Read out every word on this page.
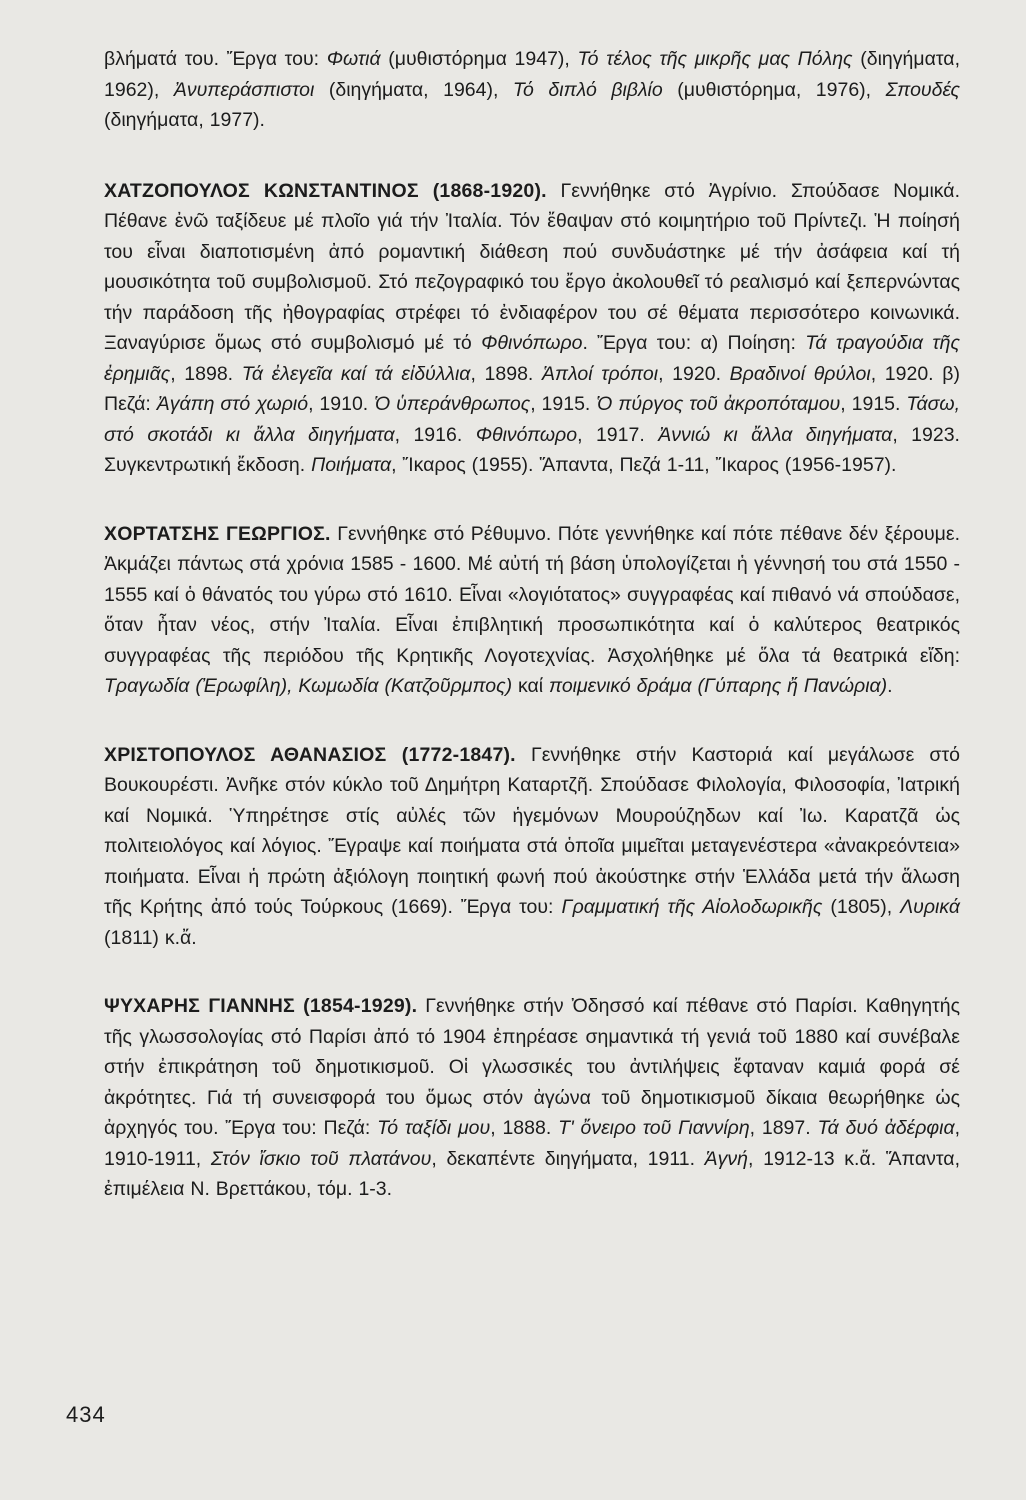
βλήματά του. Ἔργα του: Φωτιά (μυθιστόρημα 1947), Τό τέλος τῆς μικρῆς μας Πόλης (διηγήματα, 1962), Ἀνυπεράσπιστοι (διηγήματα, 1964), Τό διπλό βιβλίο (μυθιστόρημα, 1976), Σπουδές (διηγήματα, 1977).

ΧΑΤΖΟΠΟΥΛΟΣ ΚΩΝΣΤΑΝΤΙΝΟΣ (1868-1920). Γεννήθηκε στό Ἀγρίνιο. Σπούδασε Νομικά. Πέθανε ἐνῶ ταξίδευε μέ πλοῖο γιά τήν Ἰταλία. Τόν ἔθαψαν στό κοιμητήριο τοῦ Πρίντεζι. Ἡ ποίησή του εἶναι διαποτισμένη ἀπό ρομαντική διάθεση πού συνδυάστηκε μέ τήν ἀσάφεια καί τή μουσικότητα τοῦ συμβολισμοῦ. Στό πεζογραφικό του ἔργο ἀκολουθεῖ τό ρεαλισμό καί ξεπερνώντας τήν παράδοση τῆς ἠθογραφίας στρέφει τό ἐνδιαφέρον του σέ θέματα περισσότερο κοινωνικά. Ξαναγύρισε ὅμως στό συμβολισμό μέ τό Φθινόπωρο. Ἔργα του: α) Ποίηση: Τά τραγούδια τῆς ἐρημιᾶς, 1898. Τά ἐλεγεῖα καί τά εἰδύλλια, 1898. Ἁπλοί τρόποι, 1920. Βραδινοί θρύλοι, 1920. β) Πεζά: Ἀγάπη στό χωριό, 1910. Ὁ ὑπεράνθρωπος, 1915. Ὁ πύργος τοῦ ἀκροπόταμου, 1915. Τάσω, στό σκοτάδι κι ἄλλα διηγήματα, 1916. Φθινόπωρο, 1917. Ἀννιώ κι ἄλλα διηγήματα, 1923. Συγκεντρωτική ἔκδοση. Ποιήματα, Ἴκαρος (1955). Ἅπαντα, Πεζά 1-11, Ἴκαρος (1956-1957).

ΧΟΡΤΑΤΣΗΣ ΓΕΩΡΓΙΟΣ. Γεννήθηκε στό Ρέθυμνο. Πότε γεννήθηκε καί πότε πέθανε δέν ξέρουμε. Ἀκμάζει πάντως στά χρόνια 1585 - 1600. Μέ αὐτή τή βάση ὑπολογίζεται ἡ γέννησή του στά 1550 - 1555 καί ὁ θάνατός του γύρω στό 1610. Εἶναι «λογιότατος» συγγραφέας καί πιθανό νά σπούδασε, ὅταν ἦταν νέος, στήν Ἰταλία. Εἶναι ἐπιβλητική προσωπικότητα καί ὁ καλύτερος θεατρικός συγγραφέας τῆς περιόδου τῆς Κρητικῆς Λογοτεχνίας. Ἀσχολήθηκε μέ ὅλα τά θεατρικά εἴδη: Τραγωδία (Ἐρωφίλη), Κωμωδία (Κατζοῦρμπος) καί ποιμενικό δράμα (Γύπαρης ἤ Πανώρια).

ΧΡΙΣΤΟΠΟΥΛΟΣ ΑΘΑΝΑΣΙΟΣ (1772-1847). Γεννήθηκε στήν Καστοριά καί μεγάλωσε στό Βουκουρέστι. Ἀνῆκε στόν κύκλο τοῦ Δημήτρη Καταρτζῆ. Σπούδασε Φιλολογία, Φιλοσοφία, Ἰατρική καί Νομικά. Ὑπηρέτησε στίς αὐλές τῶν ἡγεμόνων Μουρούζηδων καί Ἰω. Καρατζᾶ ὡς πολιτειολόγος καί λόγιος. Ἔγραψε καί ποιήματα στά ὁποῖα μιμεῖται μεταγενέστερα «ἀνακρεόντεια» ποιήματα. Εἶναι ἡ πρώτη ἀξιόλογη ποιητική φωνή πού ἀκούστηκε στήν Ἑλλάδα μετά τήν ἅλωση τῆς Κρήτης ἀπό τούς Τούρκους (1669). Ἔργα του: Γραμματική τῆς Αἰολοδωρικῆς (1805), Λυρικά (1811) κ.ἄ.

ΨΥΧΑΡΗΣ ΓΙΑΝΝΗΣ (1854-1929). Γεννήθηκε στήν Ὀδησσό καί πέθανε στό Παρίσι. Καθηγητής τῆς γλωσσολογίας στό Παρίσι ἀπό τό 1904 ἐπηρέασε σημαντικά τή γενιά τοῦ 1880 καί συνέβαλε στήν ἐπικράτηση τοῦ δημοτικισμοῦ. Οἱ γλωσσικές του ἀντιλήψεις ἔφταναν καμιά φορά σέ ἀκρότητες. Γιά τή συνεισφορά του ὅμως στόν ἀγώνα τοῦ δημοτικισμοῦ δίκαια θεωρήθηκε ὡς ἀρχηγός του. Ἔργα του: Πεζά: Τό ταξίδι μου, 1888. Τ' ὄνειρο τοῦ Γιαννίρη, 1897. Τά δυό ἀδέρφια, 1910-1911, Στόν ἴσκιο τοῦ πλατάνου, δεκαπέντε διηγήματα, 1911. Ἁγνή, 1912-13 κ.ἄ. Ἅπαντα, ἐπιμέλεια Ν. Βρεττάκου, τόμ. 1-3.

434
